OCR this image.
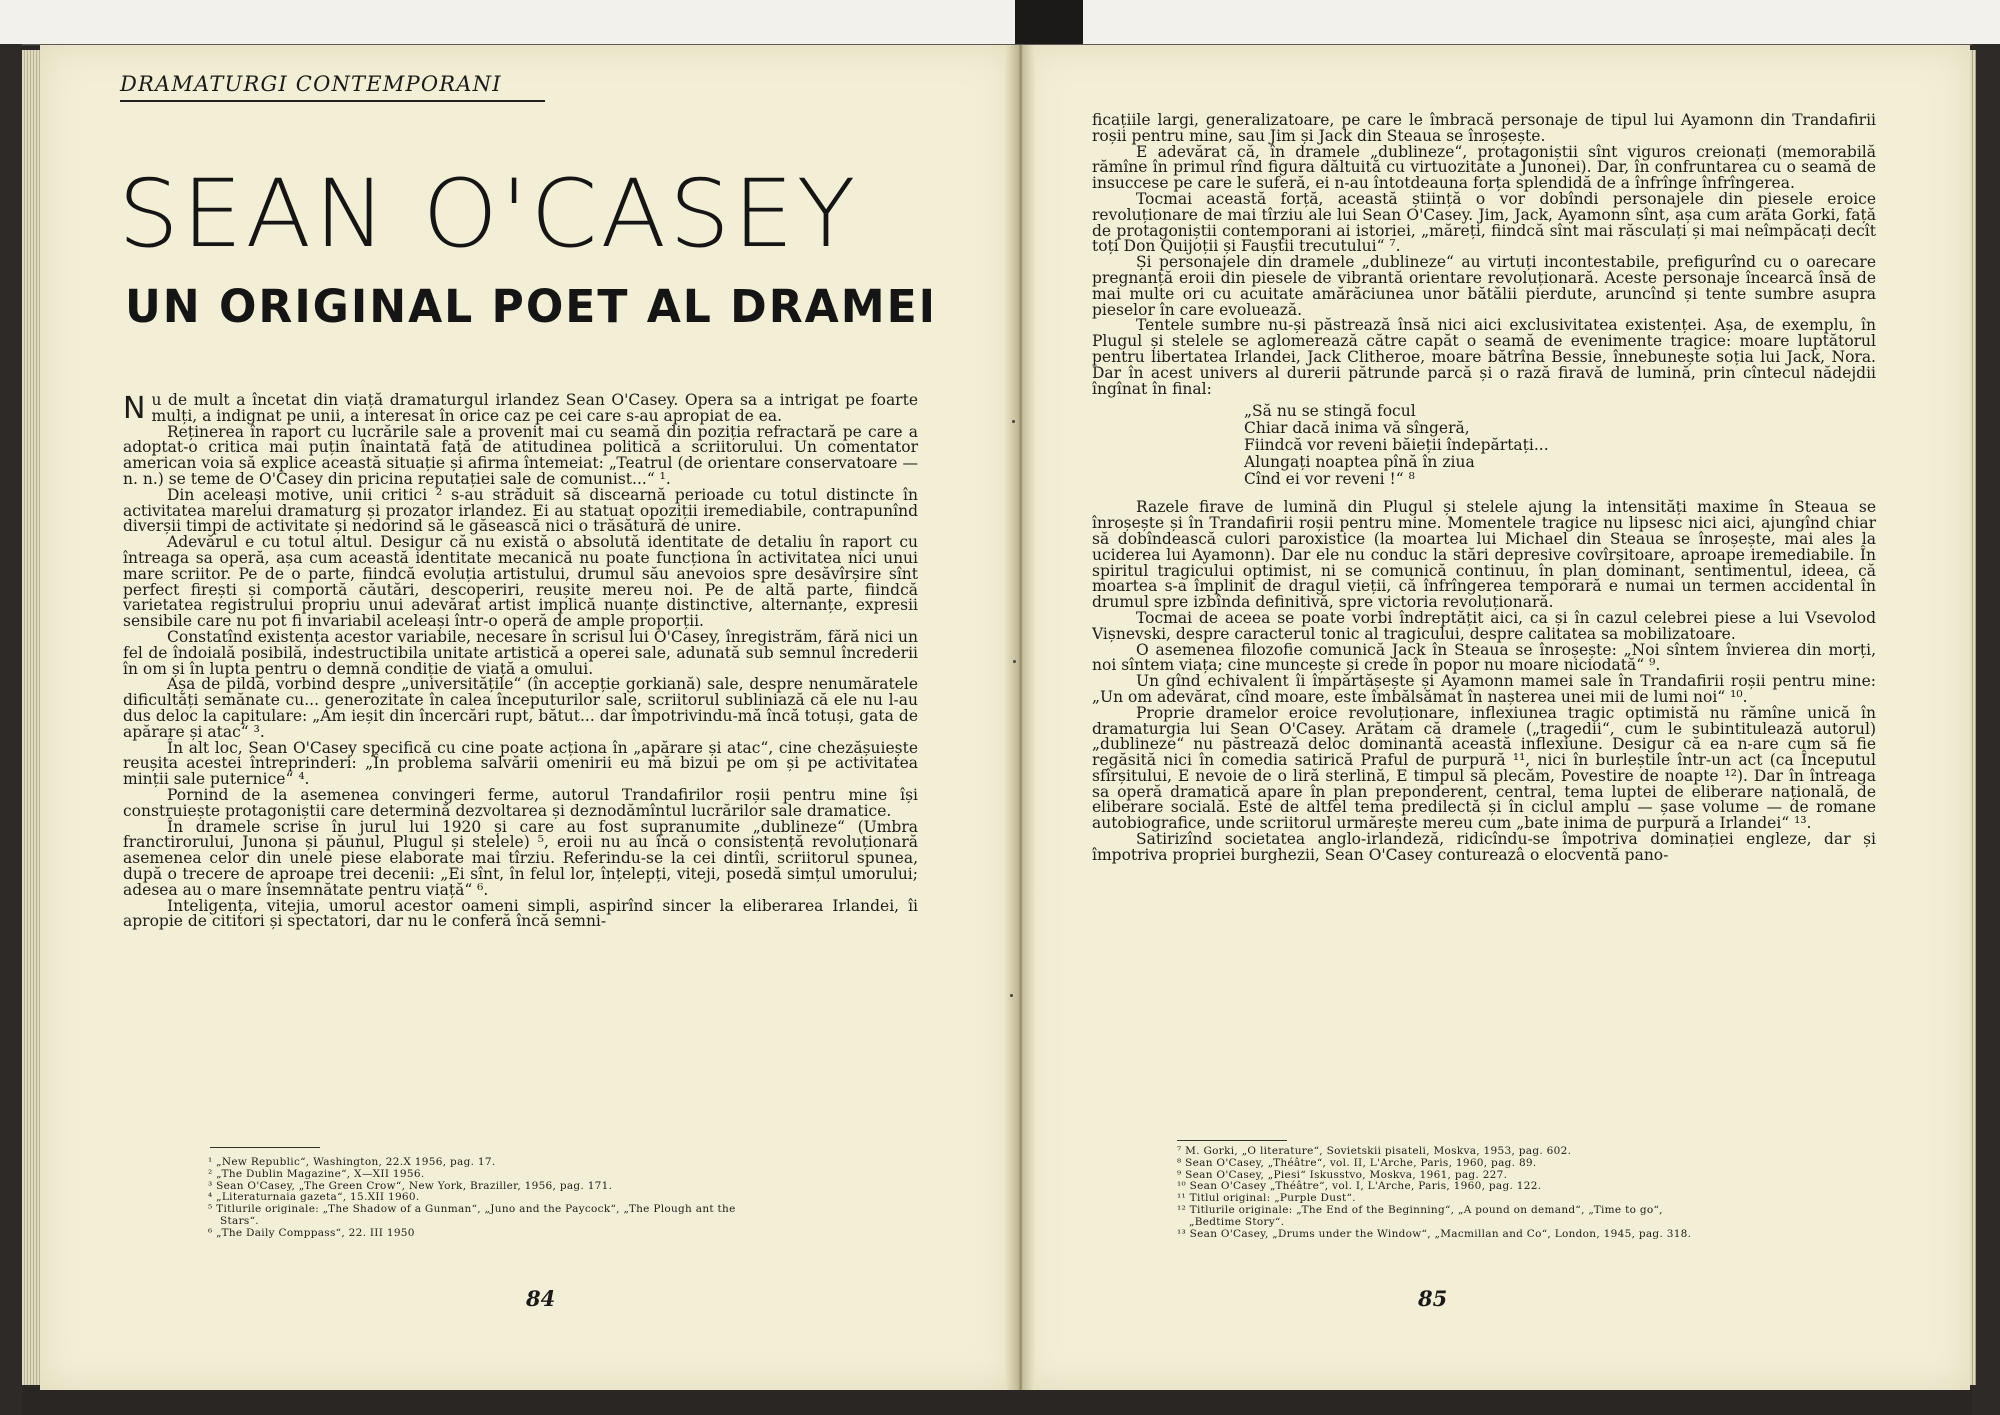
DRAMATURGI CONTEMPORANI
SEAN O'CASEY
UN ORIGINAL POET AL DRAMEI

Nu de mult a încetat din viață dramaturgul irlandez Sean O'Casey. Opera sa a intrigat pe foarte mulți, a indignat pe unii, a interesat în orice caz pe cei care s-au apropiat de ea.

Reținerea în raport cu lucrările sale a provenit mai cu seamă din poziția refractară pe care a adoptat-o critica mai puțin înaintată față de atitudinea politică a scriitorului. Un comentator american voia să explice această situație și afirma întemeiat: „Teatrul (de orientare conservatoare — n. n.) se teme de O'Casey din pricina reputației sale de comunist...“ ¹.

Din aceleași motive, unii critici ² s-au străduit să discearnă perioade cu totul distincte în activitatea marelui dramaturg și prozator irlandez. Ei au statuat opoziții iremediabile, contrapunînd diverșii timpi de activitate și nedorind să le găsească nici o trăsătură de unire.

Adevărul e cu totul altul. Desigur că nu există o absolută identitate de detaliu în raport cu întreaga sa operă, așa cum această identitate mecanică nu poate funcționa în activitatea nici unui mare scriitor. Pe de o parte, fiindcă evoluția artistului, drumul său anevoios spre desăvîrșire sînt perfect firești și comportă căutări, descoperiri, reușite mereu noi. Pe de altă parte, fiindcă varietatea registrului propriu unui adevărat artist implică nuanțe distinctive, alternanțe, expresii sensibile care nu pot fi invariabil aceleași într-o operă de ample proporții.

Constatînd existența acestor variabile, necesare în scrisul lui O'Casey, înregistrăm, fără nici un fel de îndoială posibilă, indestructibila unitate artistică a operei sale, adunată sub semnul încrederii în om și în lupta pentru o demnă condiție de viață a omului.

Așa de pildă, vorbind despre „universitățile“ (în accepție gorkiană) sale, despre nenumăratele dificultăți semănate cu... generozitate în calea începuturilor sale, scriitorul subliniază că ele nu l-au dus deloc la capitulare: „Am ieșit din încercări rupt, bătut... dar împotrivindu-mă încă totuși, gata de apărare și atac“ ³.

În alt loc, Sean O'Casey specifică cu cine poate acționa în „apărare și atac“, cine chezășuiește reușita acestei întreprinderi: „În problema salvării omenirii eu mă bizui pe om și pe activitatea minții sale puternice“ ⁴.

Pornind de la asemenea convingeri ferme, autorul Trandafirilor roșii pentru mine își construiește protagoniștii care determină dezvoltarea și deznodămîntul lucrărilor sale dramatice.

În dramele scrise în jurul lui 1920 și care au fost supranumite „dublineze“ (Umbra franctirorului, Junona și păunul, Plugul și stelele) ⁵, eroii nu au încă o consistență revoluționară asemenea celor din unele piese elaborate mai tîrziu. Referindu-se la cei dintîi, scriitorul spunea, după o trecere de aproape trei decenii: „Ei sînt, în felul lor, înțelepți, viteji, posedă simțul umorului; adesea au o mare însemnătate pentru viață“ ⁶.

Inteligența, vitejia, umorul acestor oameni simpli, aspirînd sincer la eliberarea Irlandei, îi apropie de cititori și spectatori, dar nu le conferă încă semni-

¹ „New Republic“, Washington, 22.X 1956, pag. 17.
² „The Dublin Magazine“, X—XII 1956.
³ Sean O'Casey, „The Green Crow“, New York, Braziller, 1956, pag. 171.
⁴ „Literaturnaia gazeta“, 15.XII 1960.
⁵ Titlurile originale: „The Shadow of a Gunman“, „Juno and the Paycock“, „The Plough ant the
Stars“.
⁶ „The Daily Comppass“, 22. III 1950
84

ficațiile largi, generalizatoare, pe care le îmbracă personaje de tipul lui Ayamonn din Trandafirii roșii pentru mine, sau Jim și Jack din Steaua se înroșește.

E adevărat că, în dramele „dublineze“, protagoniștii sînt viguros creionați (memorabilă rămîne în primul rînd figura dăltuită cu virtuozitate a Junonei). Dar, în confruntarea cu o seamă de insuccese pe care le suferă, ei n-au întotdeauna forța splendidă de a înfrînge înfrîngerea.

Tocmai această forță, această știință o vor dobîndi personajele din piesele eroice revoluționare de mai tîrziu ale lui Sean O'Casey. Jim, Jack, Ayamonn sînt, așa cum arăta Gorki, față de protagoniștii contemporani ai istoriei, „măreți, fiindcă sînt mai răsculați și mai neîmpăcați decît toți Don Quijoții și Fauștii trecutului“ ⁷.

Și personajele din dramele „dublineze“ au virtuți incontestabile, prefigurînd cu o oarecare pregnanță eroii din piesele de vibrantă orientare revoluționară. Aceste personaje încearcă însă de mai multe ori cu acuitate amărăciunea unor bătălii pierdute, aruncînd și tente sumbre asupra pieselor în care evoluează.

Tentele sumbre nu-și păstrează însă nici aici exclusivitatea existenței. Așa, de exemplu, în Plugul și stelele se aglomerează către capăt o seamă de evenimente tragice: moare luptătorul pentru libertatea Irlandei, Jack Clitheroe, moare bătrîna Bessie, înnebunește soția lui Jack, Nora. Dar în acest univers al durerii pătrunde parcă și o rază firavă de lumină, prin cîntecul nădejdii îngînat în final:

„Să nu se stingă focul
Chiar dacă inima vă sîngeră,
Fiindcă vor reveni băieții îndepărtați...
Alungați noaptea pînă în ziua
Cînd ei vor reveni !“ ⁸

Razele firave de lumină din Plugul și stelele ajung la intensități maxime în Steaua se înroșește și în Trandafirii roșii pentru mine. Momentele tragice nu lipsesc nici aici, ajungînd chiar să dobîndească culori paroxistice (la moartea lui Michael din Steaua se înroșește, mai ales la uciderea lui Ayamonn). Dar ele nu conduc la stări depresive covîrșitoare, aproape iremediabile. În spiritul tragicului optimist, ni se comunică continuu, în plan dominant, sentimentul, ideea, că moartea s-a împlinit de dragul vieții, că înfrîngerea temporară e numai un termen accidental în drumul spre izbînda definitivă, spre victoria revoluționară.

Tocmai de aceea se poate vorbi îndreptățit aici, ca și în cazul celebrei piese a lui Vsevolod Vișnevski, despre caracterul tonic al tragicului, despre calitatea sa mobilizatoare.

O asemenea filozofie comunică Jack în Steaua se înroșește: „Noi sîntem învierea din morți, noi sîntem viața; cine muncește și crede în popor nu moare niciodată“ ⁹.

Un gînd echivalent îi împărtășește și Ayamonn mamei sale în Trandafirii roșii pentru mine: „Un om adevărat, cînd moare, este îmbălsămat în nașterea unei mii de lumi noi“ ¹⁰.

Proprie dramelor eroice revoluționare, inflexiunea tragic optimistă nu rămîne unică în dramaturgia lui Sean O'Casey. Arătam că dramele („tragedii“, cum le subintitulează autorul) „dublineze“ nu păstrează deloc dominantă această inflexiune. Desigur că ea n-are cum să fie regăsită nici în comedia satirică Praful de purpură ¹¹, nici în burleștile într-un act (ca Începutul sfîrșitului, E nevoie de o liră sterlină, E timpul să plecăm, Povestire de noapte ¹²). Dar în întreaga sa operă dramatică apare în plan preponderent, central, tema luptei de eliberare națională, de eliberare socială. Este de altfel tema predilectă și în ciclul amplu — șase volume — de romane autobiografice, unde scriitorul urmărește mereu cum „bate inima de purpură a Irlandei“ ¹³.

Satirizînd societatea anglo-irlandeză, ridicîndu-se împotriva dominației engleze, dar și împotriva propriei burghezii, Sean O'Casey contureazâ o elocventă pano-

⁷ M. Gorki, „O literature“, Sovietskii pisateli, Moskva, 1953, pag. 602.
⁸ Sean O'Casey, „Théâtre“, vol. II, L'Arche, Paris, 1960, pag. 89.
⁹ Sean O'Casey, „Piesi“ Iskusstvo, Moskva, 1961, pag. 227.
¹⁰ Sean O'Casey „Théâtre“, vol. I, L'Arche, Paris, 1960, pag. 122.
¹¹ Titlul original: „Purple Dust“.
¹² Titlurile originale: „The End of the Beginning“, „A pound on demand“, „Time to go“,
„Bedtime Story“.
¹³ Sean O'Casey, „Drums under the Window“, „Macmillan and Co“, London, 1945, pag. 318.
85
